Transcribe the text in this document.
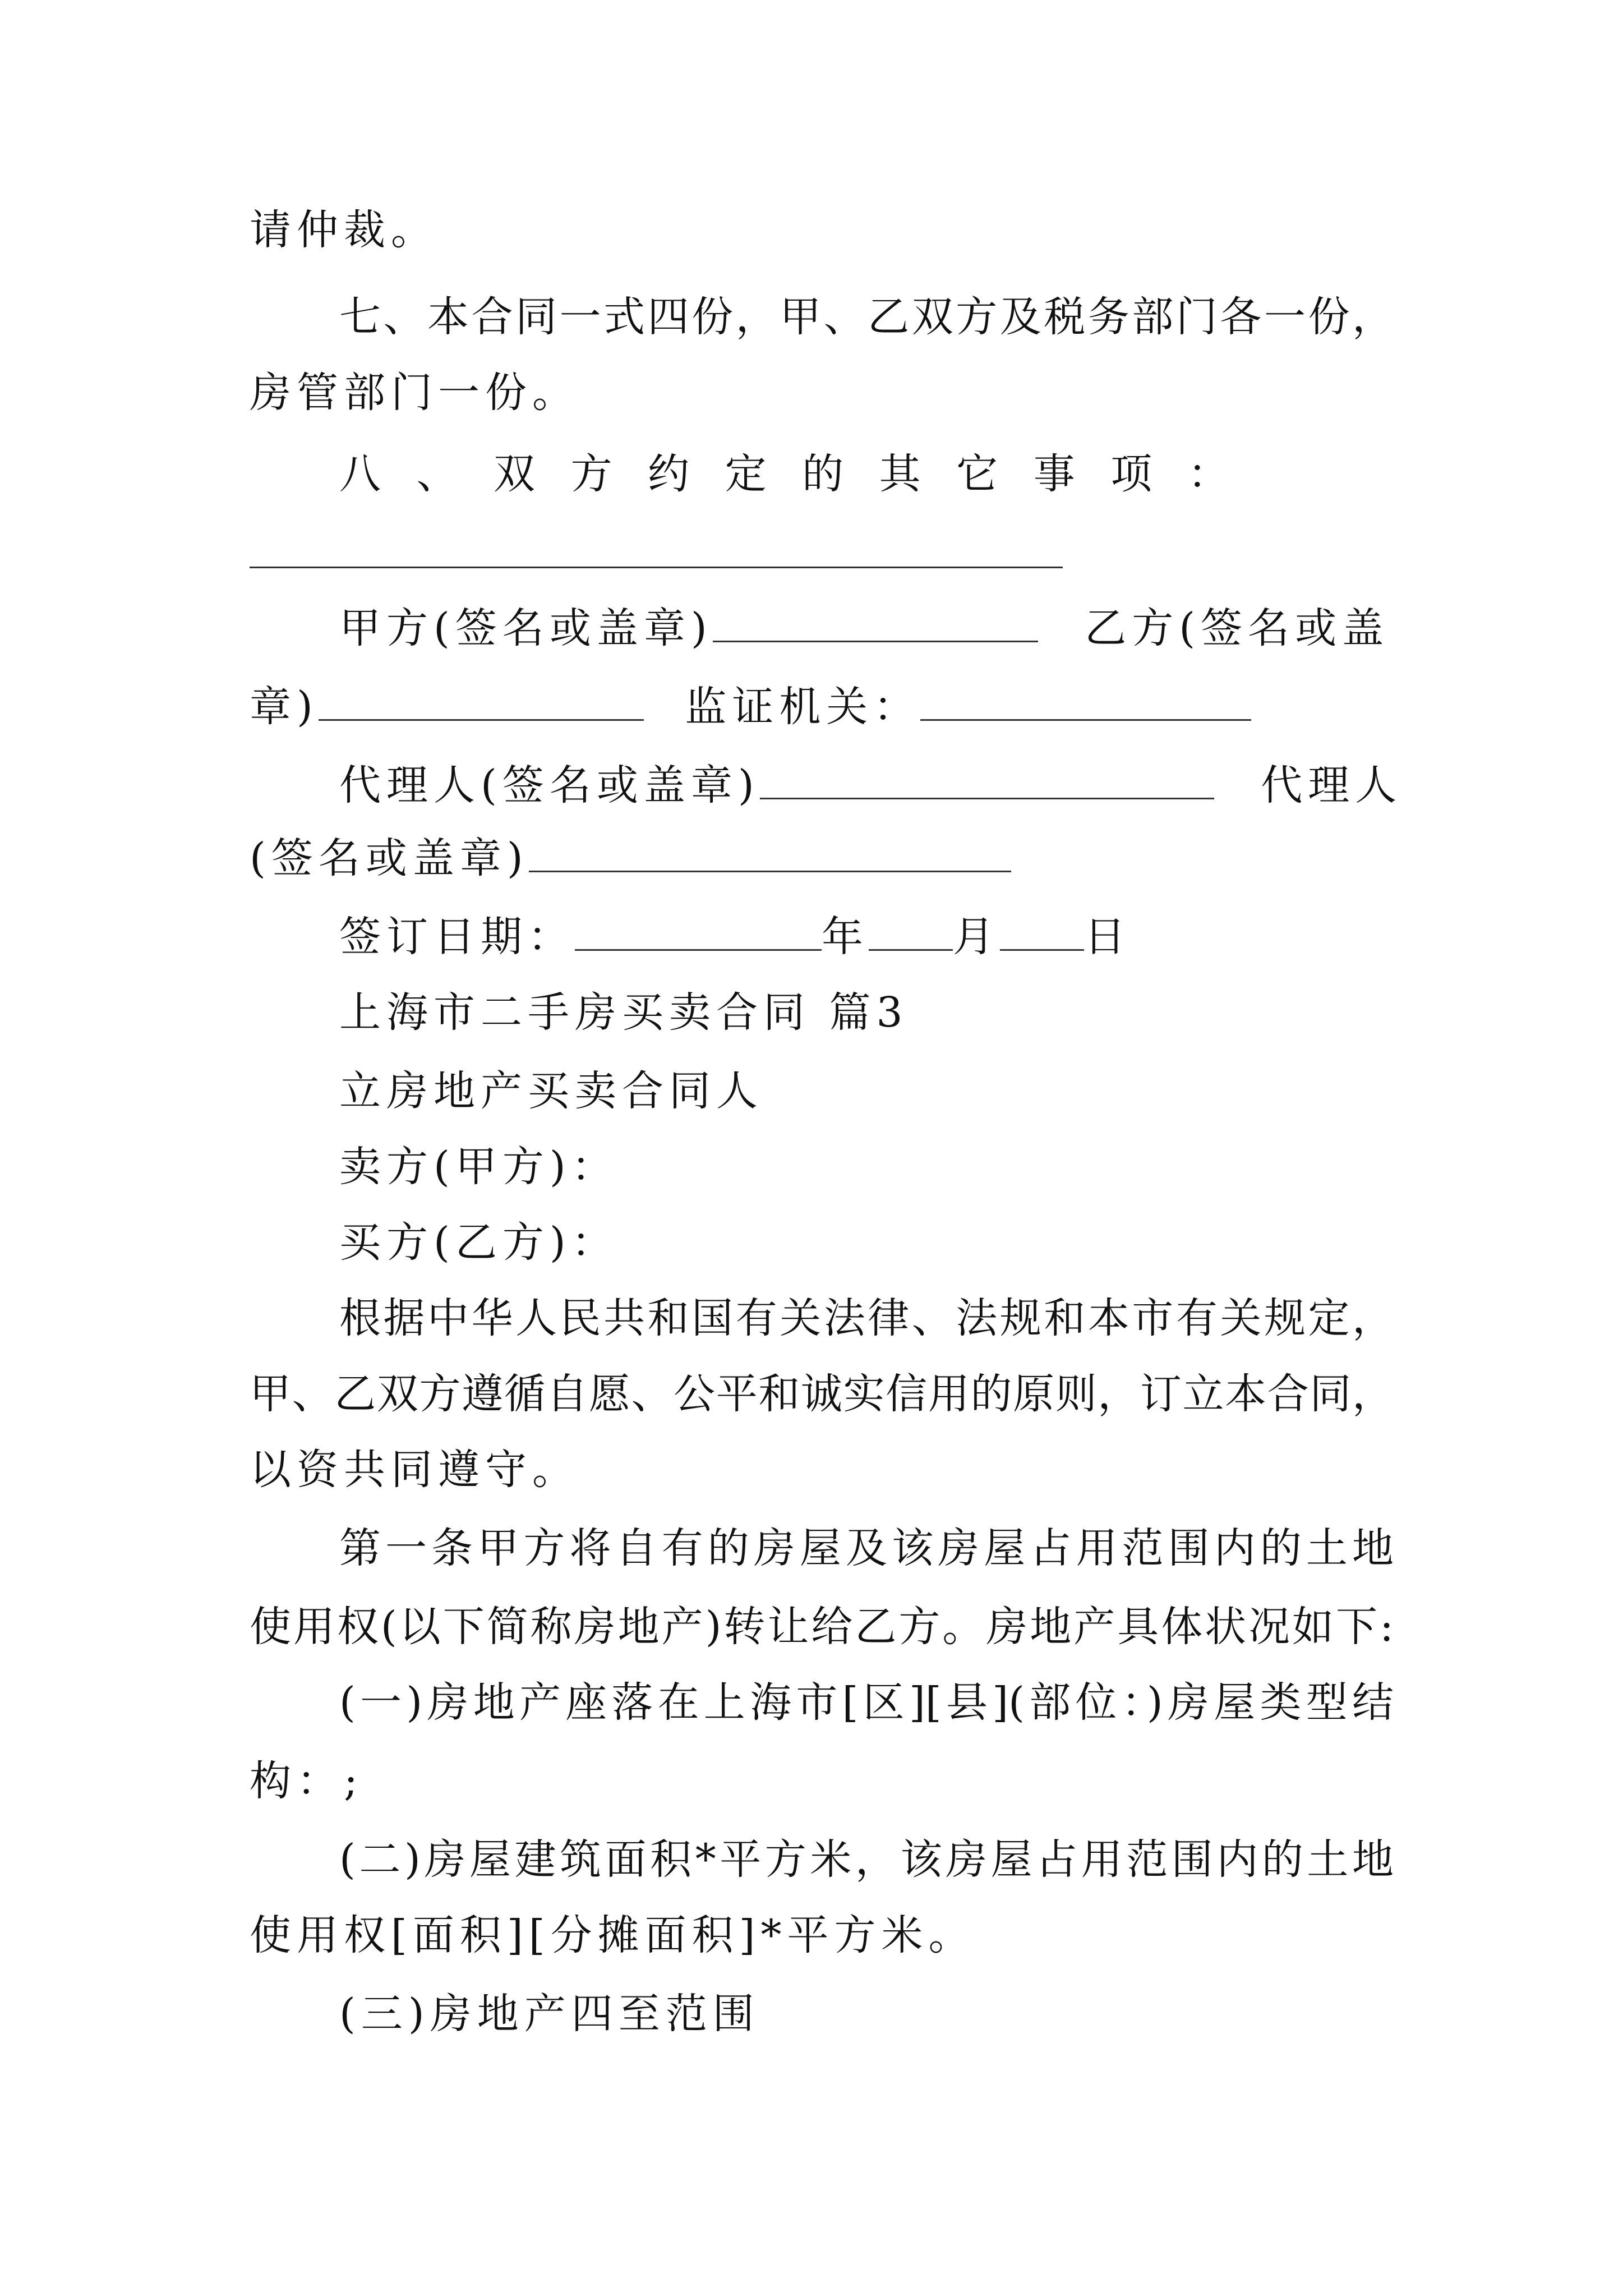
请仲裁。
七、本合同一式四份，甲、乙双方及税务部门各一份，
房管部门一份。
八 、 双 方 约 定 的 其 它 事 项 ：
甲方(签名或盖章)	乙方(签名或盖
章)	监证机关：
代理人(签名或盖章)	代理人
(签名或盖章)
签订日期：	年 月 日
上海市二手房买卖合同 篇3
立房地产买卖合同人
卖方(甲方)：
买方(乙方)：
根据中华人民共和国有关法律、法规和本市有关规定，
甲、乙双方遵循自愿、公平和诚实信用的原则，订立本合同，
以资共同遵守。
第一条甲方将自有的房屋及该房屋占用范围内的土地
使用权(以下简称房地产)转让给乙方。房地产具体状况如下:
(一)房地产座落在上海市[区][县](部位：)房屋类型结
构：;
(二)房屋建筑面积*平方米，该房屋占用范围内的土地
使用权[面积][分摊面积]*平方米。
(三)房地产四至范围
